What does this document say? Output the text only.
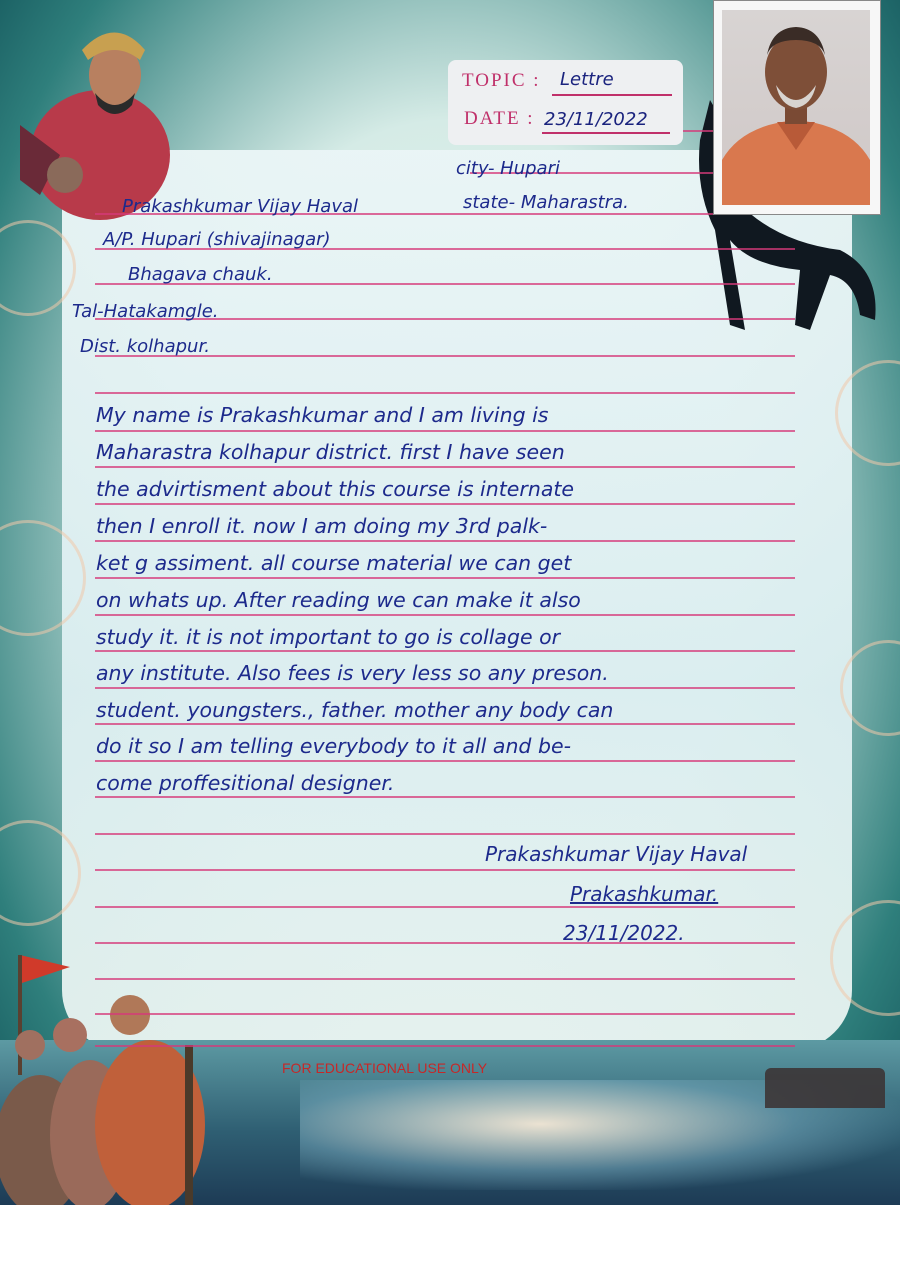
TOPIC : Lettre
DATE : 23/11/2022
city- Hupari
state- Maharastra.
Prakashkumar Vijay Haval
A/P. Hupari (shivajinagar)
Bhagava chauk.
Tal-Hatakamgle.
Dist. kolhapur.
My name is Prakashkumar and I am living is
Maharastra kolhapur district. first I have seen
the advirtisment about this course is internate
then I enroll it. now I am doing my 3rd palk-
ket g assiment. all course material we can get
on whats up. After reading we can make it also
study it. it is not important to go is collage or
any institute. Also fees is very less so any preson.
student. youngsters., father. mother any body can
do it so I am telling everybody to it all and be-
come proffesitional designer.
Prakashkumar Vijay Haval
Prakashkumar.
23/11/2022.
FOR EDUCATIONAL USE ONLY
